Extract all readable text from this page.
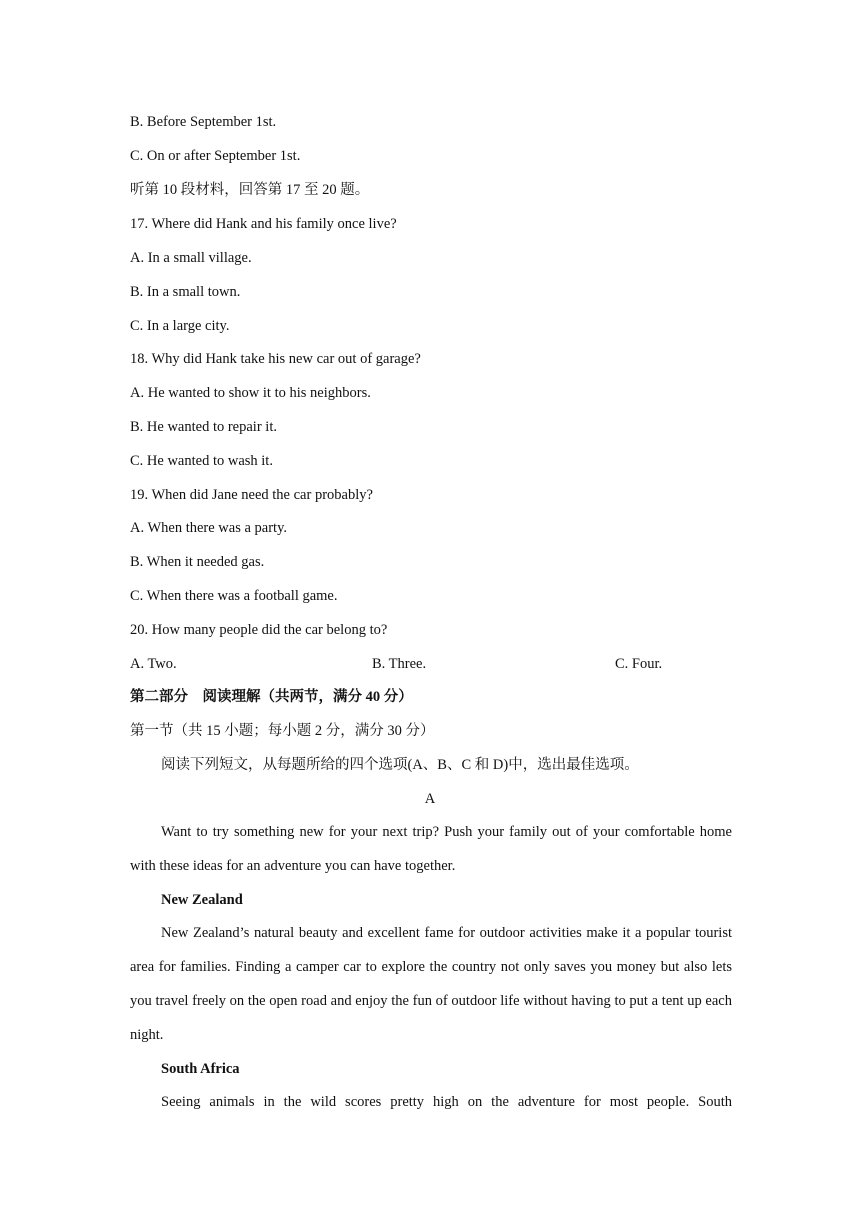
B. Before September 1st.
C. On or after September 1st.
听第 10 段材料，回答第 17 至 20 题。
17. Where did Hank and his family once live?
A. In a small village.
B. In a small town.
C. In a large city.
18. Why did Hank take his new car out of garage?
A. He wanted to show it to his neighbors.
B. He wanted to repair it.
C. He wanted to wash it.
19. When did Jane need the car probably?
A. When there was a party.
B. When it needed gas.
C. When there was a football game.
20. How many people did the car belong to?
A. Two.	B. Three.	C. Four.
第二部分　阅读理解（共两节，满分 40 分）
第一节（共 15 小题；每小题 2 分，满分 30 分）
阅读下列短文，从每题所给的四个选项(A、B、C 和 D)中，选出最佳选项。
A
Want to try something new for your next trip? Push your family out of your comfortable home with these ideas for an adventure you can have together.
New Zealand
New Zealand’s natural beauty and excellent fame for outdoor activities make it a popular tourist area for families. Finding a camper car to explore the country not only saves you money but also lets you travel freely on the open road and enjoy the fun of outdoor life without having to put a tent up each night.
South Africa
Seeing animals in the wild scores pretty high on the adventure for most people. South
